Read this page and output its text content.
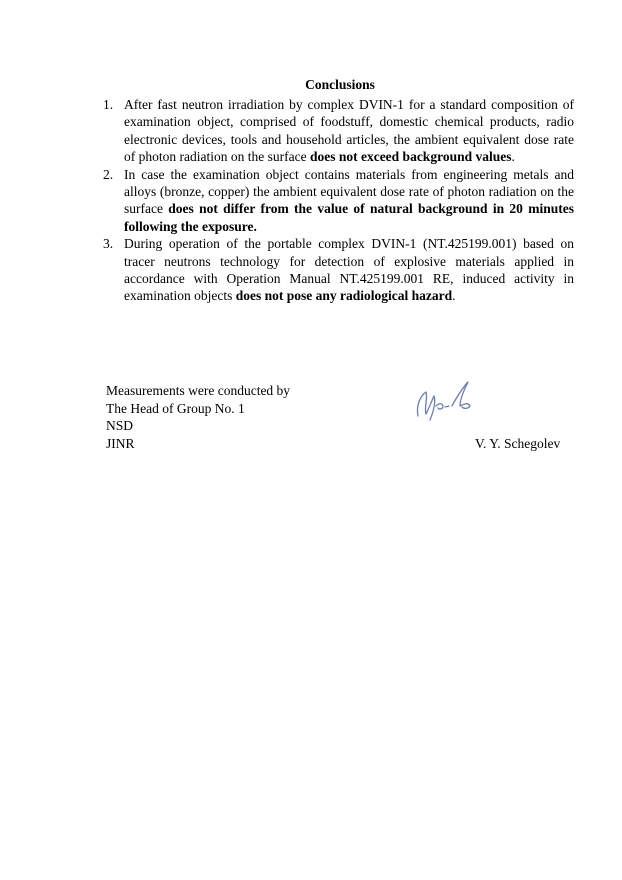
Conclusions
1. After fast neutron irradiation by complex DVIN-1 for a standard composition of examination object, comprised of foodstuff, domestic chemical products, radio electronic devices, tools and household articles, the ambient equivalent dose rate of photon radiation on the surface does not exceed background values.
2. In case the examination object contains materials from engineering metals and alloys (bronze, copper) the ambient equivalent dose rate of photon radiation on the surface does not differ from the value of natural background in 20 minutes following the exposure.
3. During operation of the portable complex DVIN-1 (NT.425199.001) based on tracer neutrons technology for detection of explosive materials applied in accordance with Operation Manual NT.425199.001 RE, induced activity in examination objects does not pose any radiological hazard.
Measurements were conducted by
The Head of Group No. 1
NSD
JINR	V. Y. Schegolev
